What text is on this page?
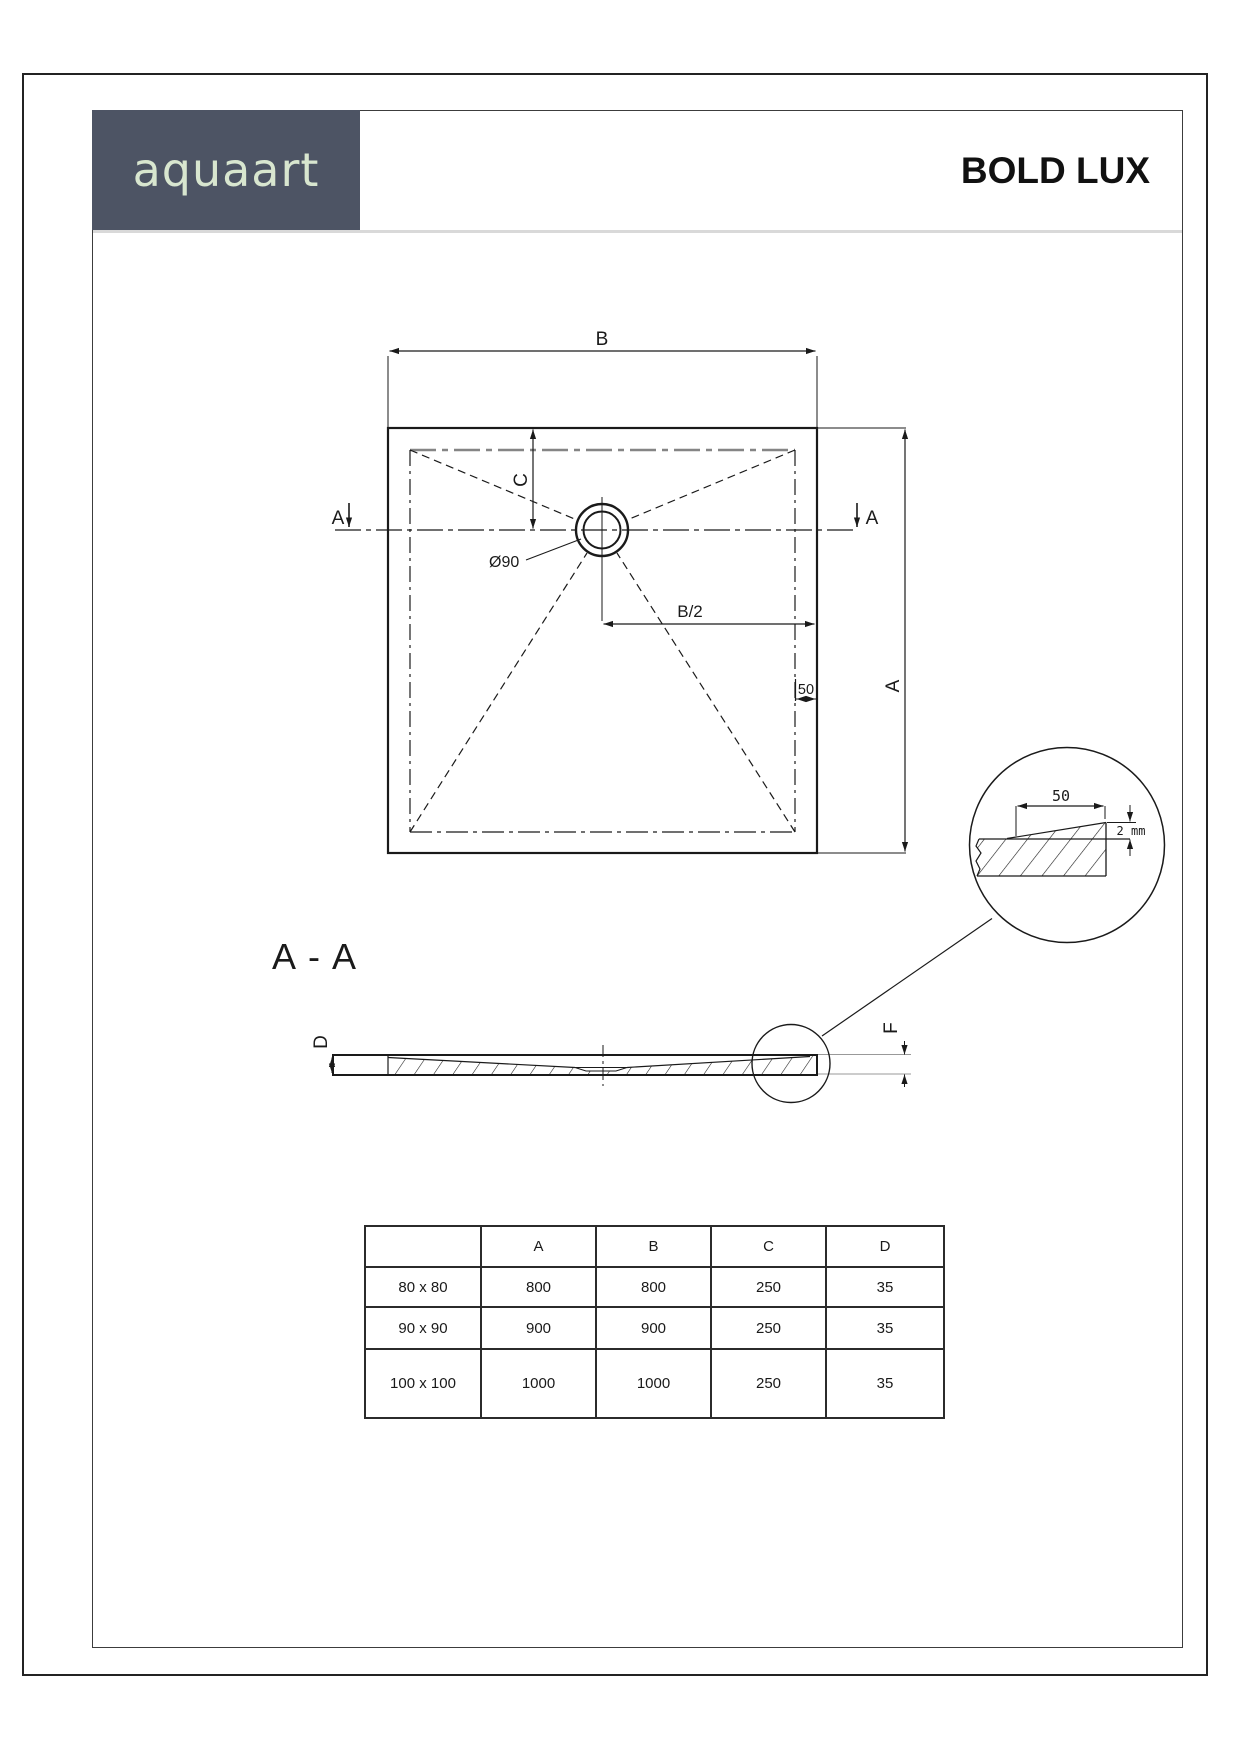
aquaart	BOLD LUX
B
A
C
B/2
50
Ø90
A	A
A - A
D
F
50
2 mm
	A	B	C	D
80 x 80	800	800	250	35
90 x 90	900	900	250	35
100 x 100	1000	1000	250	35
